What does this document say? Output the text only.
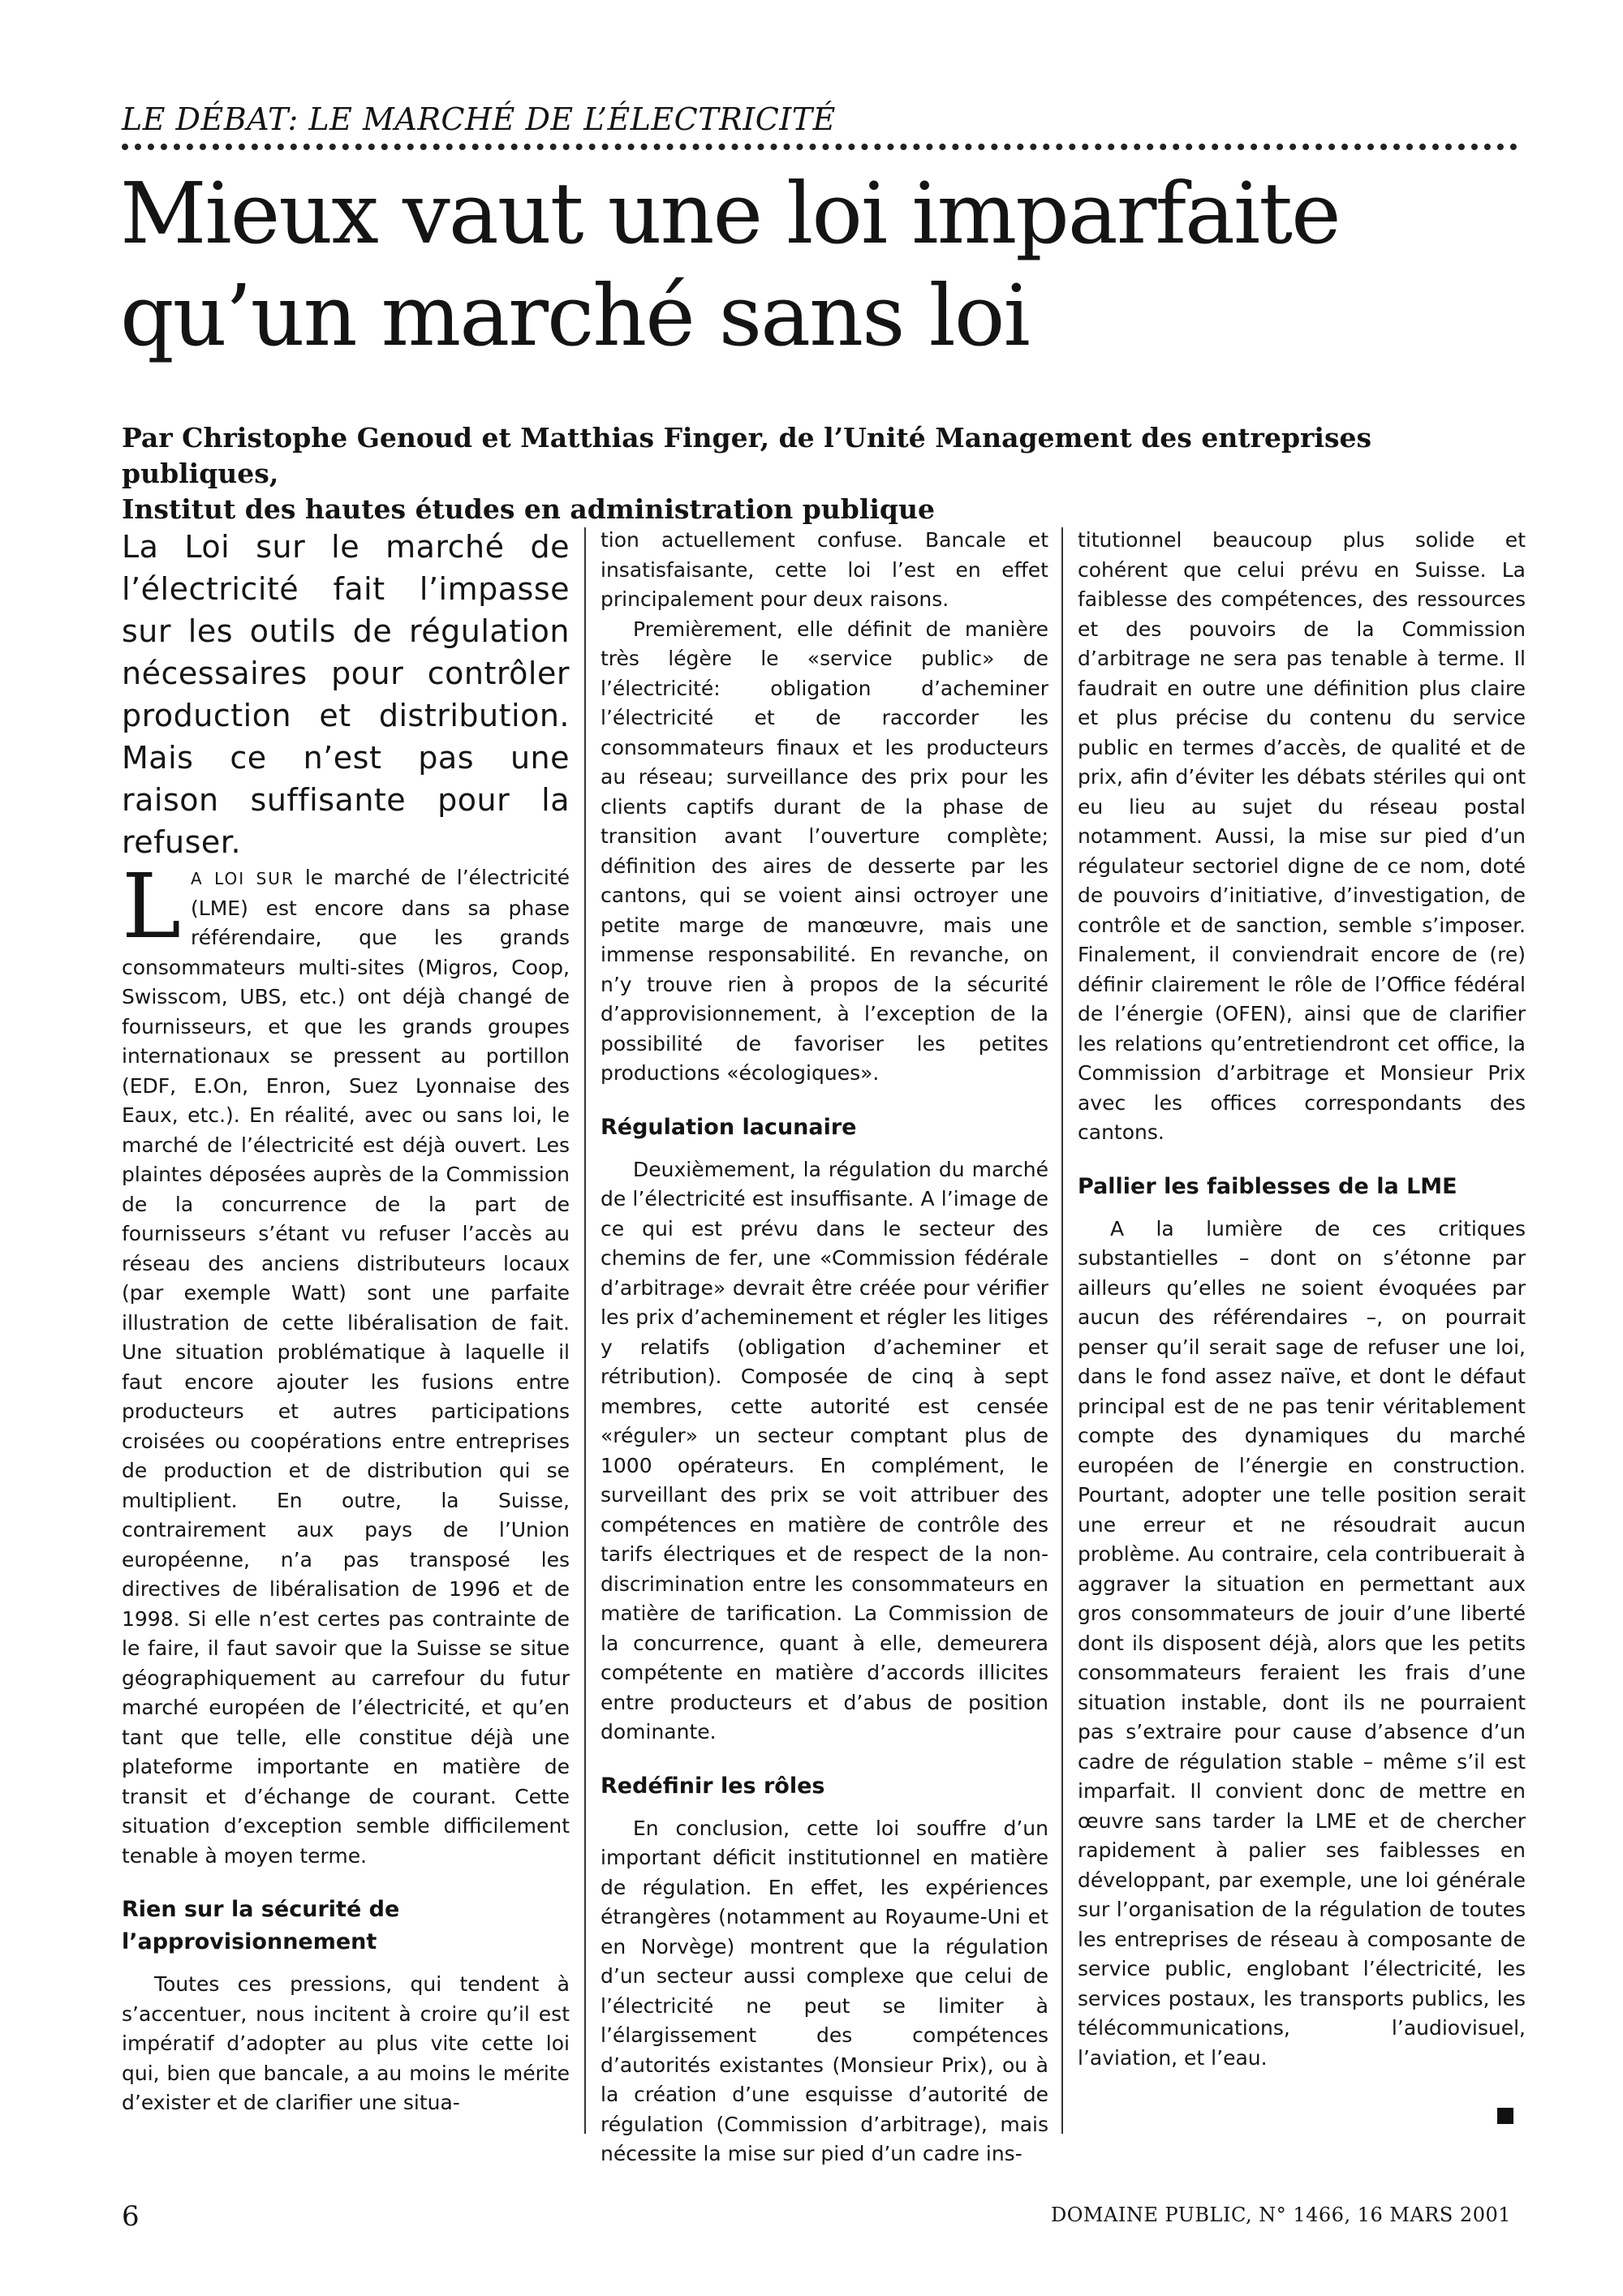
LE DÉBAT: LE MARCHÉ DE L’ÉLECTRICITÉ
Mieux vaut une loi imparfaite
qu’un marché sans loi

Par Christophe Genoud et Matthias Finger, de l’Unité Management des entreprises publiques,
Institut des hautes études en administration publique

La Loi sur le marché de l’électricité fait l’impasse sur les outils de régulation nécessaires pour contrôler production et distribution. Mais ce n’est pas une raison suffisante pour la refuser.

L A LOI SUR le marché de l’électricité (LME) est encore dans sa phase référendaire, que les grands consommateurs multi-sites (Migros, Coop, Swisscom, UBS, etc.) ont déjà changé de fournisseurs, et que les grands groupes internationaux se pressent au portillon (EDF, E.On, Enron, Suez Lyonnaise des Eaux, etc.). En réalité, avec ou sans loi, le marché de l’électricité est déjà ouvert. Les plaintes déposées auprès de la Commission de la concurrence de la part de fournisseurs s’étant vu refuser l’accès au réseau des anciens distributeurs locaux (par exemple Watt) sont une parfaite illustration de cette libéralisation de fait. Une situation problématique à laquelle il faut encore ajouter les fusions entre producteurs et autres participations croisées ou coopérations entre entreprises de production et de distribution qui se multiplient. En outre, la Suisse, contrairement aux pays de l’Union européenne, n’a pas transposé les directives de libéralisation de 1996 et de 1998. Si elle n’est certes pas contrainte de le faire, il faut savoir que la Suisse se situe géographiquement au carrefour du futur marché européen de l’électricité, et qu’en tant que telle, elle constitue déjà une plateforme importante en matière de transit et d’échange de courant. Cette situation d’exception semble difficilement tenable à moyen terme.

Rien sur la sécurité de l’approvisionnement

Toutes ces pressions, qui tendent à s’accentuer, nous incitent à croire qu’il est impératif d’adopter au plus vite cette loi qui, bien que bancale, a au moins le mérite d’exister et de clarifier une situa-

tion actuellement confuse. Bancale et insatisfaisante, cette loi l’est en effet principalement pour deux raisons.

Premièrement, elle définit de manière très légère le «service public» de l’électricité: obligation d’acheminer l’électricité et de raccorder les consommateurs finaux et les producteurs au réseau; surveillance des prix pour les clients captifs durant de la phase de transition avant l’ouverture complète; définition des aires de desserte par les cantons, qui se voient ainsi octroyer une petite marge de manœuvre, mais une immense responsabilité. En revanche, on n’y trouve rien à propos de la sécurité d’approvisionnement, à l’exception de la possibilité de favoriser les petites productions «écologiques».

Régulation lacunaire

Deuxièmement, la régulation du marché de l’électricité est insuffisante. A l’image de ce qui est prévu dans le secteur des chemins de fer, une «Commission fédérale d’arbitrage» devrait être créée pour vérifier les prix d’acheminement et régler les litiges y relatifs (obligation d’acheminer et rétribution). Composée de cinq à sept membres, cette autorité est censée «réguler» un secteur comptant plus de 1000 opérateurs. En complément, le surveillant des prix se voit attribuer des compétences en matière de contrôle des tarifs électriques et de respect de la non-discrimination entre les consommateurs en matière de tarification. La Commission de la concurrence, quant à elle, demeurera compétente en matière d’accords illicites entre producteurs et d’abus de position dominante.

Redéfinir les rôles

En conclusion, cette loi souffre d’un important déficit institutionnel en matière de régulation. En effet, les expériences étrangères (notamment au Royaume-Uni et en Norvège) montrent que la régulation d’un secteur aussi complexe que celui de l’électricité ne peut se limiter à l’élargissement des compétences d’autorités existantes (Monsieur Prix), ou à la création d’une esquisse d’autorité de régulation (Commission d’arbitrage), mais nécessite la mise sur pied d’un cadre ins-

titutionnel beaucoup plus solide et cohérent que celui prévu en Suisse. La faiblesse des compétences, des ressources et des pouvoirs de la Commission d’arbitrage ne sera pas tenable à terme. Il faudrait en outre une définition plus claire et plus précise du contenu du service public en termes d’accès, de qualité et de prix, afin d’éviter les débats stériles qui ont eu lieu au sujet du réseau postal notamment. Aussi, la mise sur pied d’un régulateur sectoriel digne de ce nom, doté de pouvoirs d’initiative, d’investigation, de contrôle et de sanction, semble s’imposer. Finalement, il conviendrait encore de (re) définir clairement le rôle de l’Office fédéral de l’énergie (OFEN), ainsi que de clarifier les relations qu’entretiendront cet office, la Commission d’arbitrage et Monsieur Prix avec les offices correspondants des cantons.

Pallier les faiblesses de la LME

A la lumière de ces critiques substantielles – dont on s’étonne par ailleurs qu’elles ne soient évoquées par aucun des référendaires –, on pourrait penser qu’il serait sage de refuser une loi, dans le fond assez naïve, et dont le défaut principal est de ne pas tenir véritablement compte des dynamiques du marché européen de l’énergie en construction. Pourtant, adopter une telle position serait une erreur et ne résoudrait aucun problème. Au contraire, cela contribuerait à aggraver la situation en permettant aux gros consommateurs de jouir d’une liberté dont ils disposent déjà, alors que les petits consommateurs feraient les frais d’une situation instable, dont ils ne pourraient pas s’extraire pour cause d’absence d’un cadre de régulation stable – même s’il est imparfait. Il convient donc de mettre en œuvre sans tarder la LME et de chercher rapidement à palier ses faiblesses en développant, par exemple, une loi générale sur l’organisation de la régulation de toutes les entreprises de réseau à composante de service public, englobant l’électricité, les services postaux, les transports publics, les télécommunications, l’audiovisuel, l’aviation, et l’eau.

6	DOMAINE PUBLIC, N° 1466, 16 MARS 2001
